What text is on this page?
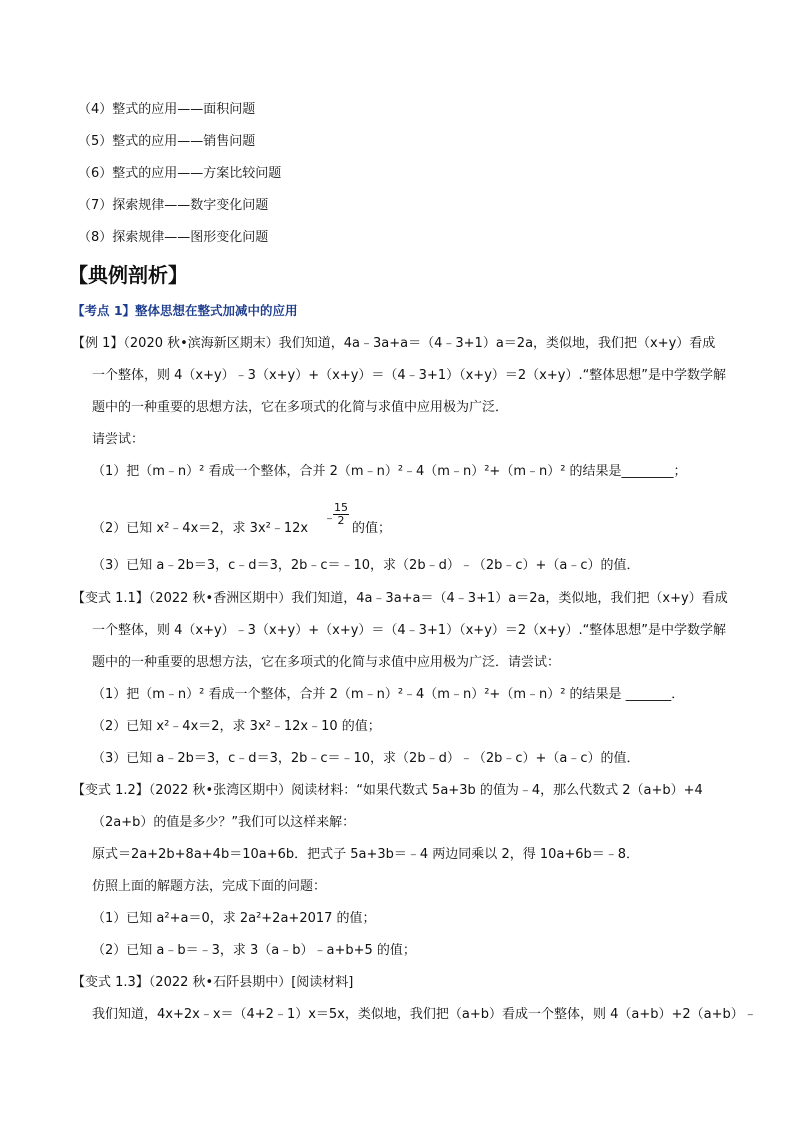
（4）整式的应用——面积问题
（5）整式的应用——销售问题
（6）整式的应用——方案比较问题
（7）探索规律——数字变化问题
（8）探索规律——图形变化问题
【典例剖析】
【考点 1】整体思想在整式加减中的应用
【例 1】（2020 秋•滨海新区期末）我们知道，4a﹣3a+a＝（4﹣3+1）a＝2a，类似地，我们把（x+y）看成
一个整体，则 4（x+y）﹣3（x+y）+（x+y）＝（4﹣3+1）（x+y）＝2（x+y）.“整体思想”是中学数学解
题中的一种重要的思想方法，它在多项式的化简与求值中应用极为广泛．
请尝试：
（1）把（m﹣n）² 看成一个整体，合并 2（m﹣n）²﹣4（m﹣n）²+（m﹣n）² 的结果是________；
（2）已知 x²﹣4x＝2，求 3x²﹣12x
﹣
$\frac{15}{2}$
的值；
（3）已知 a﹣2b＝3，c﹣d＝3，2b﹣c＝﹣10，求（2b﹣d）﹣（2b﹣c）+（a﹣c）的值．
【变式 1.1】（2022 秋•香洲区期中）我们知道，4a﹣3a+a＝（4﹣3+1）a＝2a，类似地，我们把（x+y）看成
一个整体，则 4（x+y）﹣3（x+y）+（x+y）＝（4﹣3+1）（x+y）＝2（x+y）.“整体思想”是中学数学解
题中的一种重要的思想方法，它在多项式的化简与求值中应用极为广泛．请尝试：
（1）把（m﹣n）² 看成一个整体，合并 2（m﹣n）²﹣4（m﹣n）²+（m﹣n）² 的结果是 _______．
（2）已知 x²﹣4x＝2，求 3x²﹣12x﹣10 的值；
（3）已知 a﹣2b＝3，c﹣d＝3，2b﹣c＝﹣10，求（2b﹣d）﹣（2b﹣c）+（a﹣c）的值．
【变式 1.2】（2022 秋•张湾区期中）阅读材料：“如果代数式 5a+3b 的值为﹣4，那么代数式 2（a+b）+4
（2a+b）的值是多少？”我们可以这样来解：
原式＝2a+2b+8a+4b＝10a+6b．把式子 5a+3b＝﹣4 两边同乘以 2，得 10a+6b＝﹣8．
仿照上面的解题方法，完成下面的问题：
（1）已知 a²+a＝0，求 2a²+2a+2017 的值；
（2）已知 a﹣b＝﹣3，求 3（a﹣b）﹣a+b+5 的值；
【变式 1.3】（2022 秋•石阡县期中）[阅读材料]
我们知道，4x+2x﹣x＝（4+2﹣1）x＝5x，类似地，我们把（a+b）看成一个整体，则 4（a+b）+2（a+b）﹣
